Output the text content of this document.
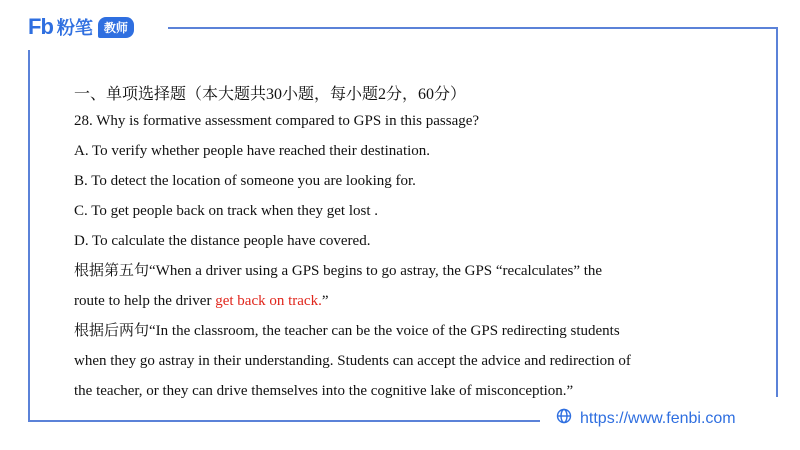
Fb 粉笔 教师
一、单项选择题（本大题共30小题，每小题2分，60分）
28. Why is formative assessment compared to GPS in this passage?
A. To verify whether people have reached their destination.
B. To detect the location of someone you are looking for.
C. To get people back on track when they get lost .
D. To calculate the distance people have covered.
根据第五句“When a driver using a GPS begins to go astray, the GPS “recalculates” the
route to help the driver get back on track.”
根据后两句“In the classroom, the teacher can be the voice of the GPS redirecting students
when they go astray in their understanding. Students can accept the advice and redirection of
the teacher, or they can drive themselves into the cognitive lake of misconception.”
https://www.fenbi.com
